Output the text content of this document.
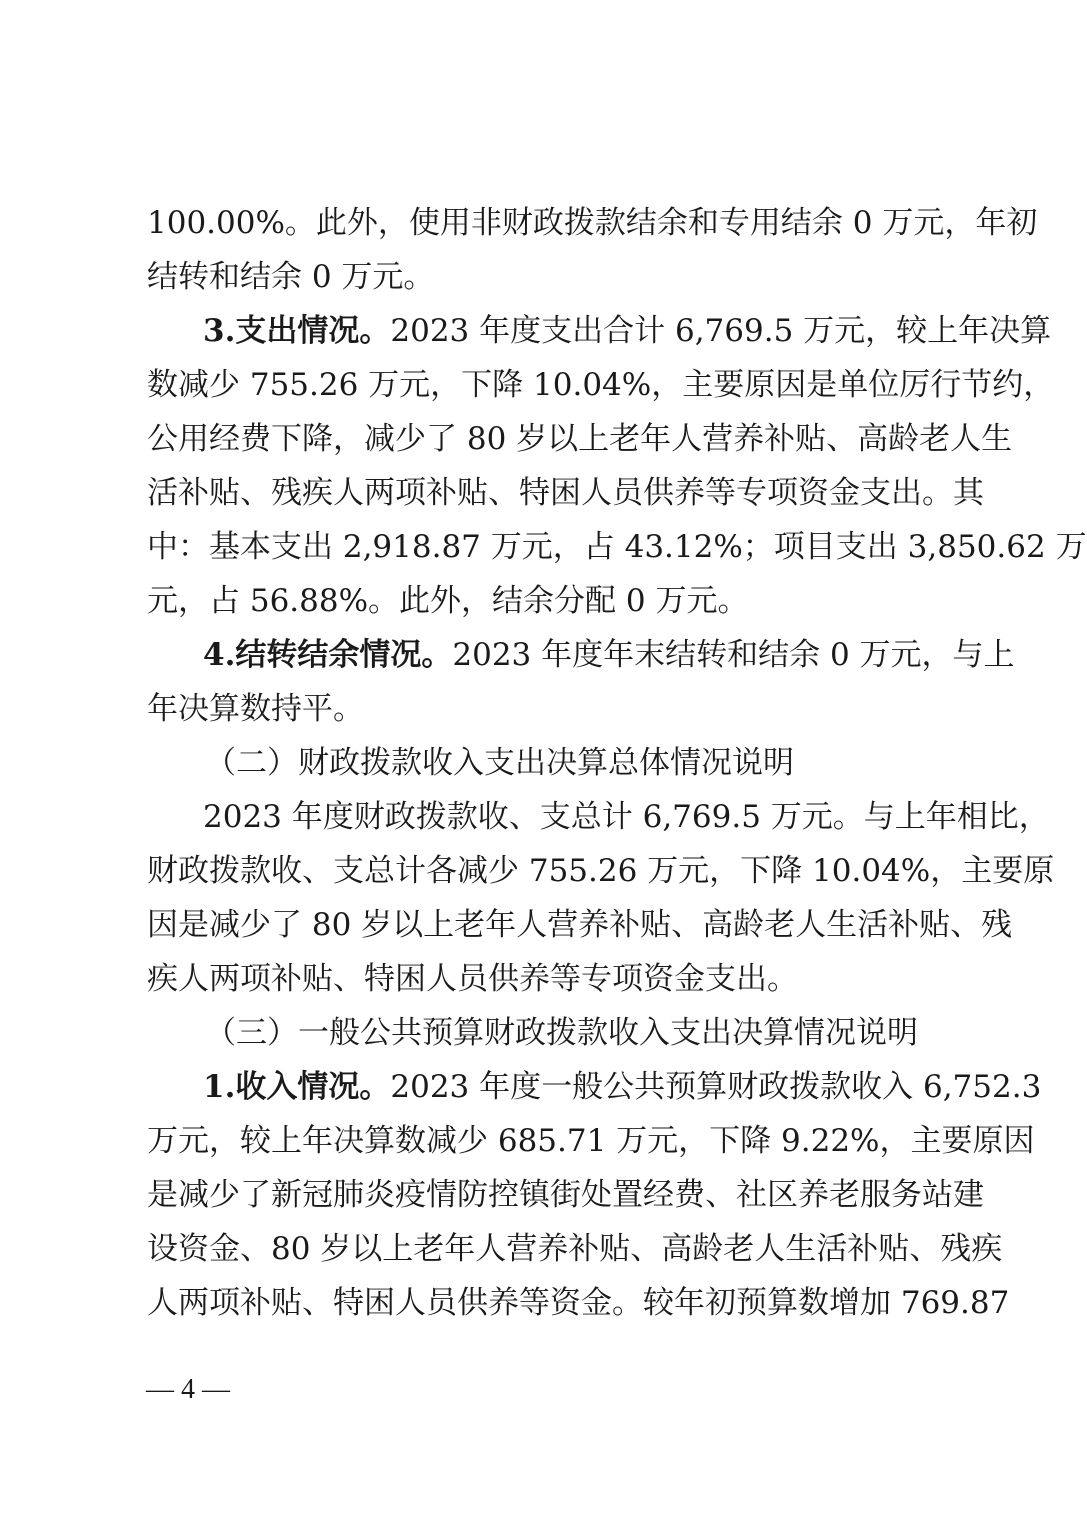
100.00%。此外，使用非财政拨款结余和专用结余 0 万元，年初
结转和结余 0 万元。
3.支出情况。2023 年度支出合计 6,769.5 万元，较上年决算
数减少 755.26 万元，下降 10.04%，主要原因是单位厉行节约，
公用经费下降，减少了 80 岁以上老年人营养补贴、高龄老人生
活补贴、残疾人两项补贴、特困人员供养等专项资金支出。其
中：基本支出 2,918.87 万元，占 43.12%；项目支出 3,850.62 万
元，占 56.88%。此外，结余分配 0 万元。
4.结转结余情况。2023 年度年末结转和结余 0 万元，与上
年决算数持平。
（二）财政拨款收入支出决算总体情况说明
2023 年度财政拨款收、支总计 6,769.5 万元。与上年相比，
财政拨款收、支总计各减少 755.26 万元，下降 10.04%，主要原
因是减少了 80 岁以上老年人营养补贴、高龄老人生活补贴、残
疾人两项补贴、特困人员供养等专项资金支出。
（三）一般公共预算财政拨款收入支出决算情况说明
1.收入情况。2023 年度一般公共预算财政拨款收入 6,752.3
万元，较上年决算数减少 685.71 万元，下降 9.22%，主要原因
是减少了新冠肺炎疫情防控镇街处置经费、社区养老服务站建
设资金、80 岁以上老年人营养补贴、高龄老人生活补贴、残疾
人两项补贴、特困人员供养等资金。较年初预算数增加 769.87
— 4 —
